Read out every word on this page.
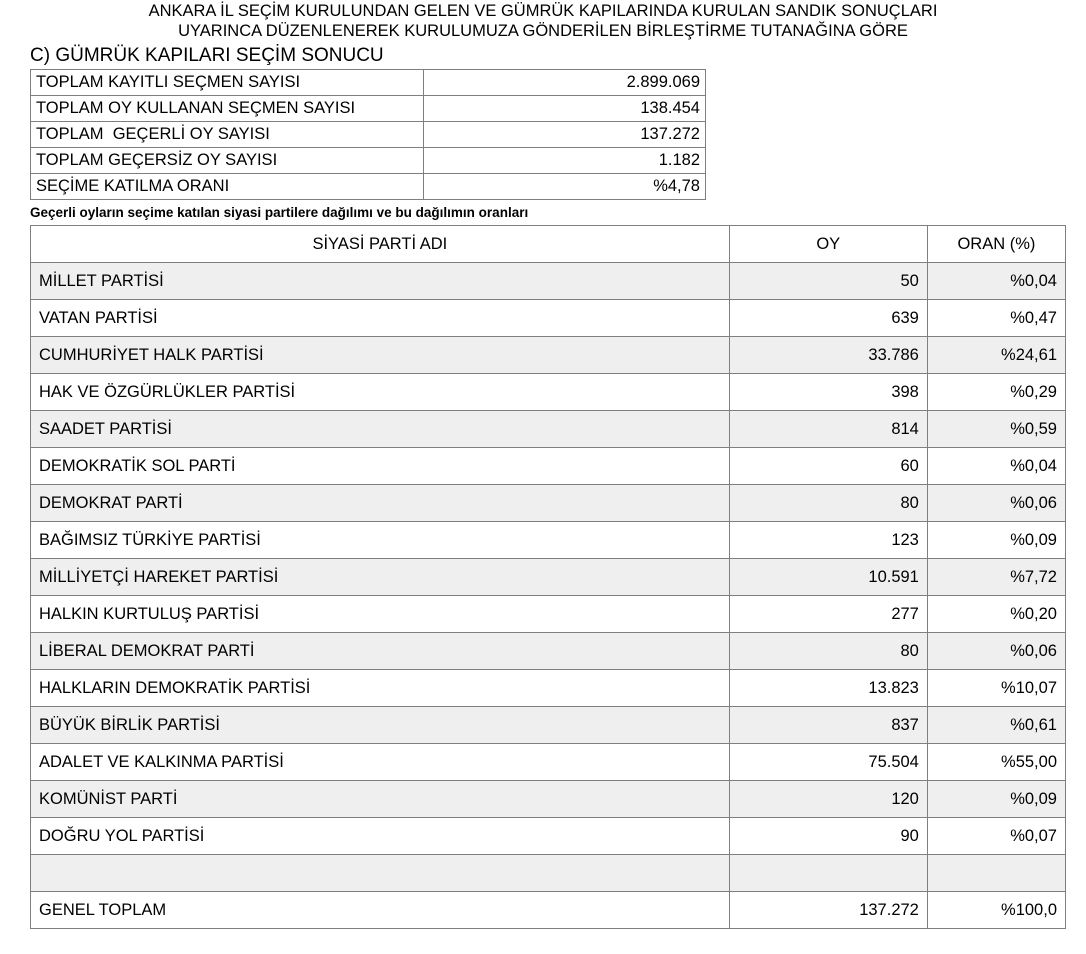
ANKARA İL SEÇİM KURULUNDAN GELEN VE GÜMRÜK KAPILARINDA KURULAN SANDIK SONUÇLARI
UYARINCA DÜZENLENEREK KURULUMUZA GÖNDERİLEN BİRLEŞTİRME TUTANAĞINA GÖRE
C) GÜMRÜK KAPILARI SEÇİM SONUCU
TOPLAM KAYITLI SEÇMEN SAYISI	2.899.069
TOPLAM OY KULLANAN SEÇMEN SAYISI	138.454
TOPLAM  GEÇERLİ OY SAYISI	137.272
TOPLAM GEÇERSİZ OY SAYISI	1.182
SEÇİME KATILMA ORANI	%4,78
Geçerli oyların seçime katılan siyasi partilere dağılımı ve bu dağılımın oranları
SİYASİ PARTİ ADI	OY	ORAN (%)
MİLLET PARTİSİ	50	%0,04
VATAN PARTİSİ	639	%0,47
CUMHURİYET HALK PARTİSİ	33.786	%24,61
HAK VE ÖZGÜRLÜKLER PARTİSİ	398	%0,29
SAADET PARTİSİ	814	%0,59
DEMOKRATİK SOL PARTİ	60	%0,04
DEMOKRAT PARTİ	80	%0,06
BAĞIMSIZ TÜRKİYE PARTİSİ	123	%0,09
MİLLİYETÇİ HAREKET PARTİSİ	10.591	%7,72
HALKIN KURTULUŞ PARTİSİ	277	%0,20
LİBERAL DEMOKRAT PARTİ	80	%0,06
HALKLARIN DEMOKRATİK PARTİSİ	13.823	%10,07
BÜYÜK BİRLİK PARTİSİ	837	%0,61
ADALET VE KALKINMA PARTİSİ	75.504	%55,00
KOMÜNİST PARTİ	120	%0,09
DOĞRU YOL PARTİSİ	90	%0,07

GENEL TOPLAM	137.272	%100,0
